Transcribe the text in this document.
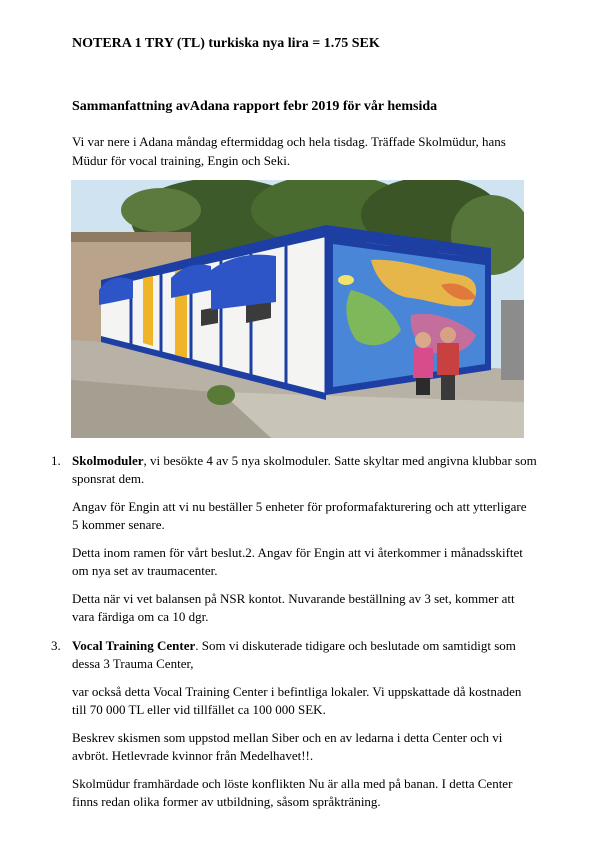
NOTERA 1 TRY (TL) turkiska nya lira = 1.75 SEK

Sammanfattning avAdana rapport febr 2019 för vår hemsida

Vi var nere i Adana måndag eftermiddag och hela tisdag. Träffade Skolmüdur, hans Müdur för vocal training, Engin och Seki.

1. Skolmoduler, vi besökte 4 av 5 nya skolmoduler. Satte skyltar med angivna klubbar som sponsrat dem.

Angav för Engin att vi nu beställer 5 enheter för proformafakturering och att ytterligare 5 kommer senare.

Detta inom ramen för vårt beslut.2. Angav för Engin att vi återkommer i månadsskiftet om nya set av traumacenter.

Detta när vi vet balansen på NSR kontot. Nuvarande beställning av 3 set, kommer att vara färdiga om ca 10 dgr.

3. Vocal Training Center. Som vi diskuterade tidigare och beslutade om samtidigt som dessa 3 Trauma Center,

var också detta Vocal Training Center i befintliga lokaler. Vi uppskattade då kostnaden till 70 000 TL eller vid tillfället ca 100 000 SEK.

Beskrev skismen som uppstod mellan Siber och en av ledarna i detta Center och vi avbröt. Hetlevrade kvinnor från Medelhavet!!.

Skolmüdur framhärdade och löste konflikten Nu är alla med på banan. I detta Center finns redan olika former av utbildning, såsom språkträning.
